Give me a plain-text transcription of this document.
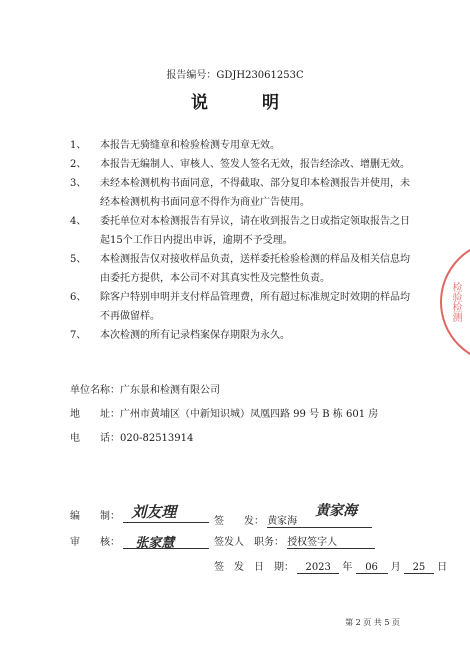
报告编号：GDJH23061253C
说 明
1、 本报告无骑缝章和检验检测专用章无效。
2、 本报告无编制人、审核人、签发人签名无效，报告经涂改、增删无效。
3、 未经本检测机构书面同意，不得截取、部分复印本检测报告并使用，未经本检测机构书面同意不得作为商业广告使用。
4、 委托单位对本检测报告有异议，请在收到报告之日或指定领取报告之日起15个工作日内提出申诉，逾期不予受理。
5、 本检测报告仅对接收样品负责，送样委托检验检测的样品及相关信息均由委托方提供，本公司不对其真实性及完整性负责。
6、 除客户特别申明并支付样品管理费，所有超过标准规定时效期的样品均不再做留样。
7、 本次检测的所有记录档案保存期限为永久。
单位名称：广东景和检测有限公司
地　　址：广州市黄埔区（中新知识城）凤凰四路 99 号 B 栋 601 房
电　　话：020-82513914
编　　制： 刘友理

审　　核： 张家慧

签　　发： 黄家海
黄家海
签发人　职务： 授权签字人
签　发　日　期： 2023 年 06 月 25 日
检验检测
第 2 页 共 5 页
